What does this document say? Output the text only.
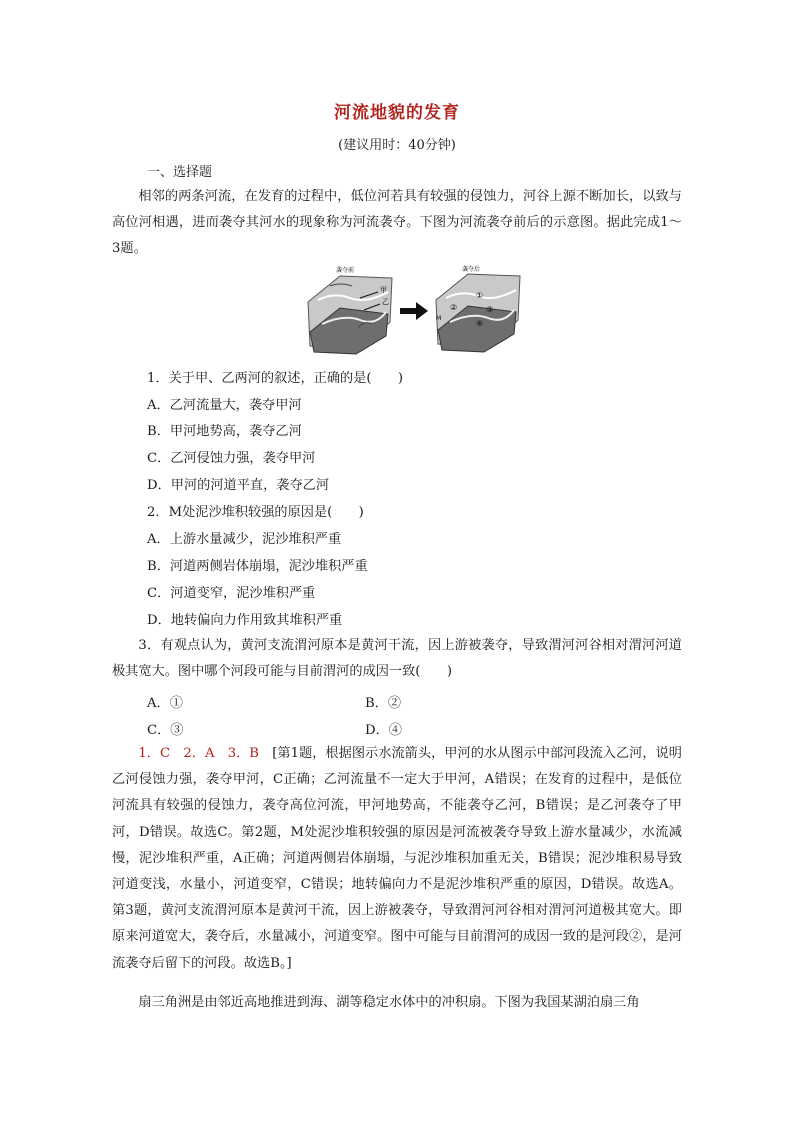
河流地貌的发育
(建议用时：40分钟)
一、选择题
相邻的两条河流，在发育的过程中，低位河若具有较强的侵蚀力，河谷上源不断加长，以致与高位河相遇，进而袭夺其河水的现象称为河流袭夺。下图为河流袭夺前后的示意图。据此完成1～3题。
袭夺前
甲
乙
袭夺后
M
①
②	③
④
1．关于甲、乙两河的叙述，正确的是(　　)
A．乙河流量大，袭夺甲河
B．甲河地势高，袭夺乙河
C．乙河侵蚀力强，袭夺甲河
D．甲河的河道平直，袭夺乙河
2．M处泥沙堆积较强的原因是(　　)
A．上游水量减少，泥沙堆积严重
B．河道两侧岩体崩塌，泥沙堆积严重
C．河道变窄，泥沙堆积严重
D．地转偏向力作用致其堆积严重
3．有观点认为，黄河支流渭河原本是黄河干流，因上游被袭夺，导致渭河河谷相对渭河河道极其宽大。图中哪个河段可能与目前渭河的成因一致(　　)
A．①	B．②
C．③	D．④
1．C　2．A　3．B　 [第1题，根据图示水流箭头，甲河的水从图示中部河段流入乙河，说明乙河侵蚀力强，袭夺甲河，C正确；乙河流量不一定大于甲河，A错误；在发育的过程中，是低位河流具有较强的侵蚀力，袭夺高位河流，甲河地势高，不能袭夺乙河，B错误；是乙河袭夺了甲河，D错误。故选C。第2题，M处泥沙堆积较强的原因是河流被袭夺导致上游水量减少，水流减慢，泥沙堆积严重，A正确；河道两侧岩体崩塌，与泥沙堆积加重无关，B错误；泥沙堆积易导致河道变浅，水量小，河道变窄，C错误；地转偏向力不是泥沙堆积严重的原因，D错误。故选A。第3题，黄河支流渭河原本是黄河干流，因上游被袭夺，导致渭河河谷相对渭河河道极其宽大。即原来河道宽大，袭夺后，水量减小，河道变窄。图中可能与目前渭河的成因一致的是河段②，是河流袭夺后留下的河段。故选B。]
扇三角洲是由邻近高地推进到海、湖等稳定水体中的冲积扇。下图为我国某湖泊扇三角
